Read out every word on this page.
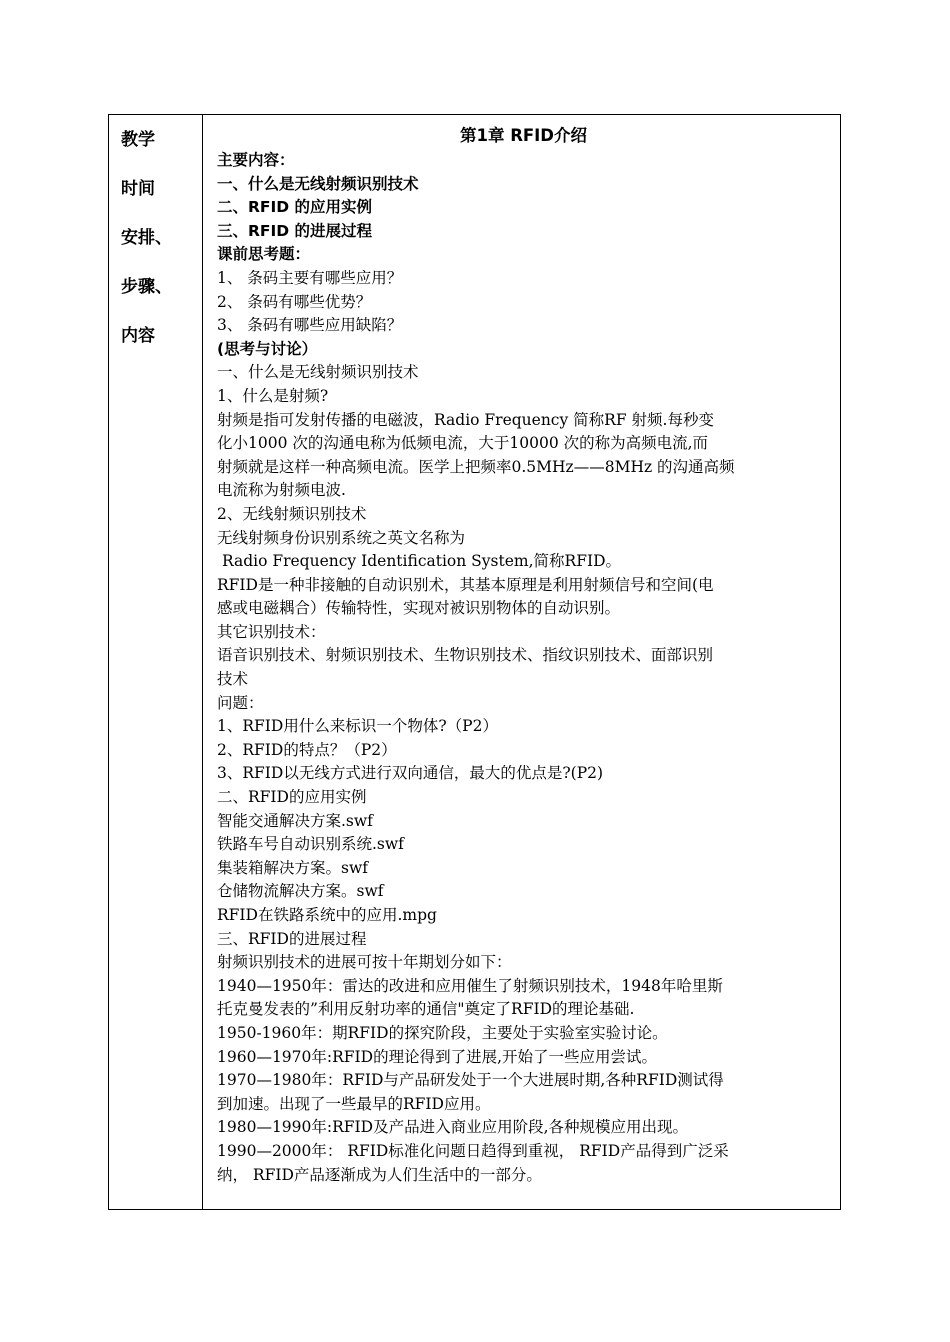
教学
时间
安排、
步骤、
内容
第1章 RFID介绍
主要内容：
一、什么是无线射频识别技术
二、RFID 的应用实例
三、RFID 的进展过程
课前思考题：
1、 条码主要有哪些应用？
2、 条码有哪些优势？
3、 条码有哪些应用缺陷？
(思考与讨论）
一、什么是无线射频识别技术
1、什么是射频?
射频是指可发射传播的电磁波，Radio Frequency 简称RF 射频.每秒变
化小1000 次的沟通电称为低频电流，大于10000 次的称为高频电流,而
射频就是这样一种高频电流。医学上把频率0.5MHz——8MHz 的沟通高频
电流称为射频电波.
2、无线射频识别技术
无线射频身份识别系统之英文名称为
Radio Frequency Identification System,简称RFID。
RFID是一种非接触的自动识别术，其基本原理是利用射频信号和空间(电
感或电磁耦合）传输特性，实现对被识别物体的自动识别。
其它识别技术：
语音识别技术、射频识别技术、生物识别技术、指纹识别技术、面部识别
技术
问题：
1、RFID用什么来标识一个物体?（P2）
2、RFID的特点？（P2）
3、RFID以无线方式进行双向通信，最大的优点是?(P2)
二、RFID的应用实例
智能交通解决方案.swf
铁路车号自动识别系统.swf
集装箱解决方案。swf
仓储物流解决方案。swf
RFID在铁路系统中的应用.mpg
三、RFID的进展过程
射频识别技术的进展可按十年期划分如下：
1940—1950年：雷达的改进和应用催生了射频识别技术，1948年哈里斯
托克曼发表的”利用反射功率的通信"奠定了RFID的理论基础.
1950-1960年：期RFID的探究阶段，主要处于实验室实验讨论。
1960—1970年:RFID的理论得到了进展,开始了一些应用尝试。
1970—1980年：RFID与产品研发处于一个大进展时期,各种RFID测试得
到加速。出现了一些最早的RFID应用。
1980—1990年:RFID及产品进入商业应用阶段,各种规模应用出现。
1990—2000年： RFID标准化问题日趋得到重视， RFID产品得到广泛采
纳， RFID产品逐渐成为人们生活中的一部分。
